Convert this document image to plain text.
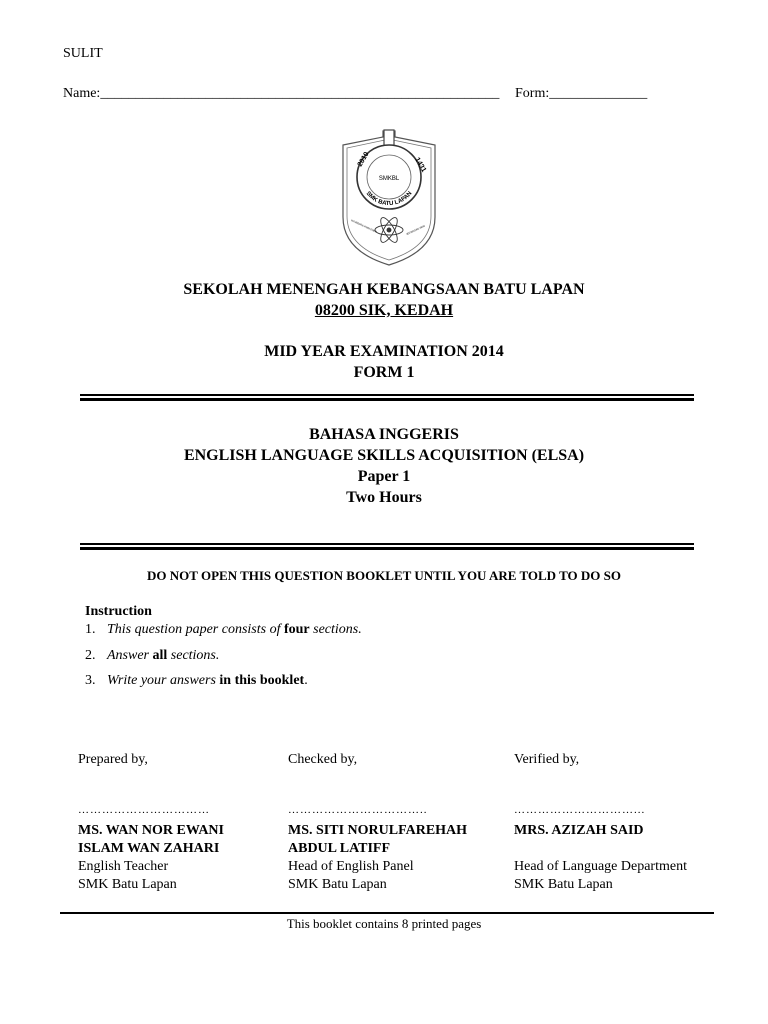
SULIT
Name:_________________________________________________________ Form:______________
2010	1431
SMKBL
SMK BATU LAPAN
MAJU BERDISIPLIN JAYAWAN ISTIMEWA	BERTANGGUNG JAWAB
SEKOLAH MENENGAH KEBANGSAAN BATU LAPAN
08200 SIK, KEDAH
MID YEAR EXAMINATION 2014
FORM 1
BAHASA INGGERIS
ENGLISH LANGUAGE SKILLS ACQUISITION (ELSA)
Paper 1
Two Hours
DO NOT OPEN THIS QUESTION BOOKLET UNTIL YOU ARE TOLD TO DO SO
Instruction
1. This question paper consists of four sections.
2. Answer all sections.
3. Write your answers in this booklet.
Prepared by,
……………………………
MS. WAN NOR EWANI
ISLAM WAN ZAHARI
English Teacher
SMK Batu Lapan
Checked by,
……………………………..
MS. SITI NORULFAREHAH
ABDUL LATIFF
Head of English Panel
SMK Batu Lapan
Verified by,
…………………………...
MRS. AZIZAH SAID
Head of Language Department
SMK Batu Lapan
This booklet contains 8 printed pages
